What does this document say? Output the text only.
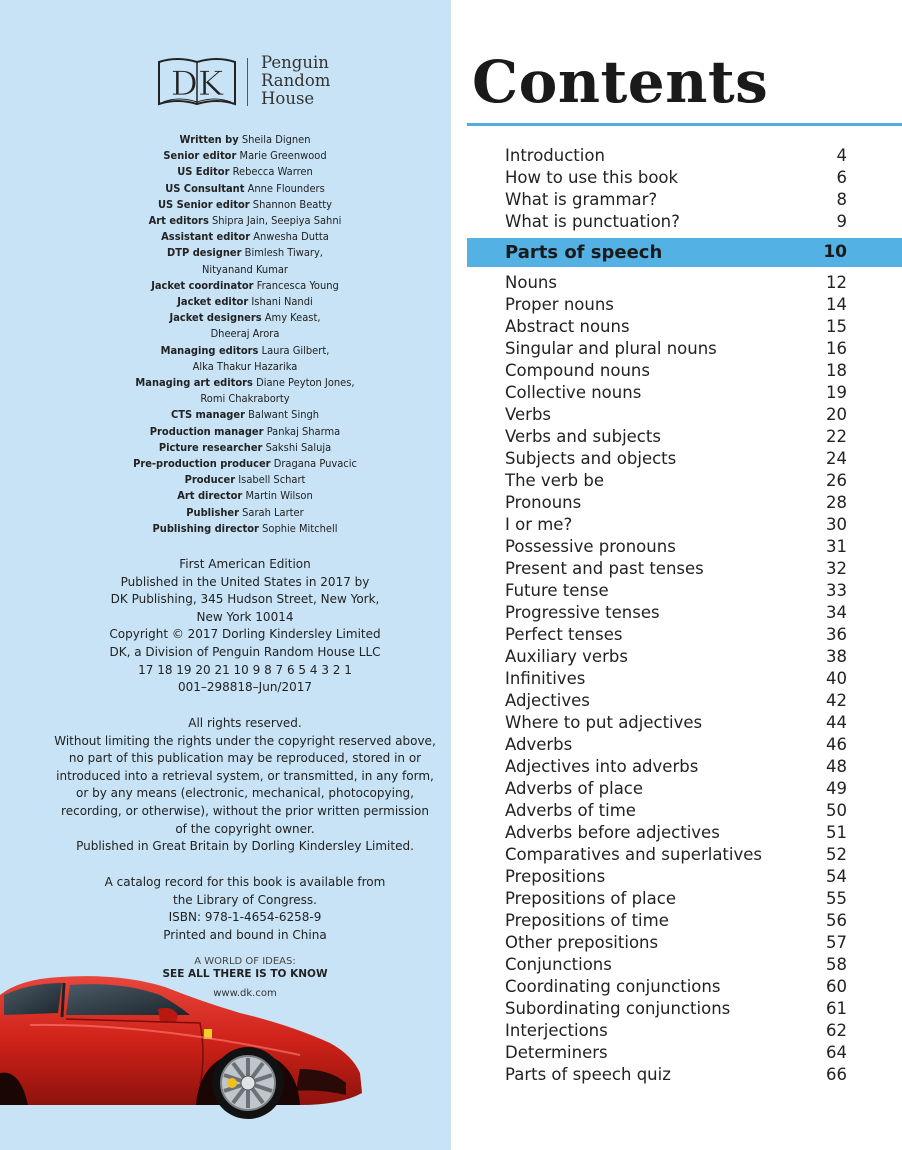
DK
Penguin
Random
House
Written by Sheila Dignen
Senior editor Marie Greenwood
US Editor Rebecca Warren
US Consultant Anne Flounders
US Senior editor Shannon Beatty
Art editors Shipra Jain, Seepiya Sahni
Assistant editor Anwesha Dutta
DTP designer Bimlesh Tiwary,
Nityanand Kumar
Jacket coordinator Francesca Young
Jacket editor Ishani Nandi
Jacket designers Amy Keast,
Dheeraj Arora
Managing editors Laura Gilbert,
Alka Thakur Hazarika
Managing art editors Diane Peyton Jones,
Romi Chakraborty
CTS manager Balwant Singh
Production manager Pankaj Sharma
Picture researcher Sakshi Saluja
Pre-production producer Dragana Puvacic
Producer Isabell Schart
Art director Martin Wilson
Publisher Sarah Larter
Publishing director Sophie Mitchell
First American Edition
Published in the United States in 2017 by
DK Publishing, 345 Hudson Street, New York,
New York 10014
Copyright © 2017 Dorling Kindersley Limited
DK, a Division of Penguin Random House LLC
17 18 19 20 21 10 9 8 7 6 5 4 3 2 1
001–298818–Jun/2017
All rights reserved.
Without limiting the rights under the copyright reserved above,
no part of this publication may be reproduced, stored in or
introduced into a retrieval system, or transmitted, in any form,
or by any means (electronic, mechanical, photocopying,
recording, or otherwise), without the prior written permission
of the copyright owner.
Published in Great Britain by Dorling Kindersley Limited.
A catalog record for this book is available from
the Library of Congress.
ISBN: 978-1-4654-6258-9
Printed and bound in China
A WORLD OF IDEAS:
SEE ALL THERE IS TO KNOW
www.dk.com
Contents
Introduction	4
How to use this book	6
What is grammar?	8
What is punctuation?	9
Parts of speech	10
Nouns	12
Proper nouns	14
Abstract nouns	15
Singular and plural nouns	16
Compound nouns	18
Collective nouns	19
Verbs	20
Verbs and subjects	22
Subjects and objects	24
The verb be	26
Pronouns	28
I or me?	30
Possessive pronouns	31
Present and past tenses	32
Future tense	33
Progressive tenses	34
Perfect tenses	36
Auxiliary verbs	38
Infinitives	40
Adjectives	42
Where to put adjectives	44
Adverbs	46
Adjectives into adverbs	48
Adverbs of place	49
Adverbs of time	50
Adverbs before adjectives	51
Comparatives and superlatives	52
Prepositions	54
Prepositions of place	55
Prepositions of time	56
Other prepositions	57
Conjunctions	58
Coordinating conjunctions	60
Subordinating conjunctions	61
Interjections	62
Determiners	64
Parts of speech quiz	66
